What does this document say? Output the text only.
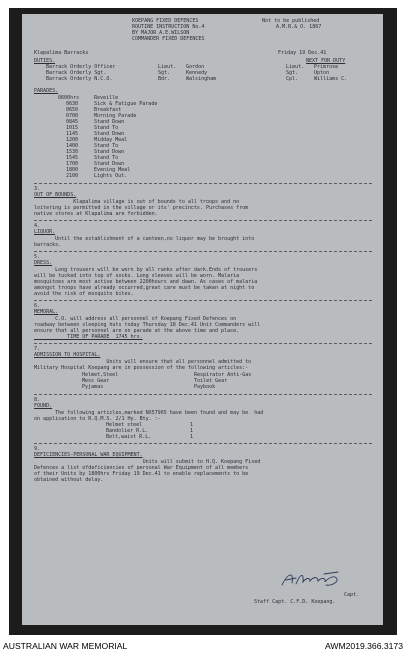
KOEPANG FIXED DEFENCES
ROUTINE INSTRUCTION No.4
BY MAJOR A.E.WILSON
COMMANDER FIXED DEFENCES
Not to be published
A.M.R.& O. 1867
Klapalima Barracks	Friday 19 Dec.41
DUTIES.	NEXT FOR DUTY
Barrack Orderly Officer	Lieut. Gordon	Lieut. Primrose
Barrack Orderly Sgt.	Sgt.	Kennedy	Sgt.	Upton
Barrack Orderly N.C.O.	Bdr.	Walsingham	Cpl.	Williams C.
PARADES.
0600hrs	Reveille
0630	Sick & Fatigue Parade
0650	Breakfast
0700	Morning Parade
0845	Stand Down
1015	Stand To
1145	Stand Down
1200	Midday Meal
1400	Stand To
1530	Stand Down
1545	Stand To
1700	Stand Down
1800	Evening Meal
2100	Lights Out.
3.
OUT OF BOUNDS.
Klapalima village is out of bounds to all troops and no
loitering is permitted in the village or its' precincts. Purchases from
native stores at Klapalima are forbidden.
4.
LIQUOR.
Until the establishment of a canteen,no liquor may be brought into
barracks.
5.
DRESS.
Long trousers will be worn by all ranks after dark.Ends of trousers
will be tucked into top of socks. Long sleeves will be worn. Malaria
mosquitoes are most active between 2200hours and dawn. As cases of malaria
amongst troops have already occurred,great care must be taken at night to
avoid the risk of mosquito bites.
6.
MEMORAL.
C.O. will address all personnel of Koepang Fixed Defences on
roadway between sleeping huts today Thursday 18 Dec.41 Unit Commanders will
ensure that all personnel are on parade at the above time and place.
TIME OF PARADE  1745 hrs.
7.
ADMISSION TO HOSPITAL.
Units will ensure that all personnel admitted to
Military Hospital Koepang are in possession of the following articles:-
Helmet,Steel	Respirator Anti-Gas
Mess Gear	Toilet Gear
Pyjamas	Paybook
8.
FOUND.
The following articles,marked NX57965 have been found and may be  had
on application to R.Q.M.S. 2/1 Hy. Bty. :-
Helmet steel	1
Bandolier R.L.	1
Belt,waist R.L.	1
9.
DEFICIENCIES-PERSONAL WAR EQUIPMENT.
Units will submit to H.Q. Koepang Fixed
Defences a list ofdeficiencies of personal War Equipment of all members
of their Units by 1800hrs Friday 19 Dec.41 to enable replacements to be
obtained without delay.
Capt.
Staff Capt. C.F.D. Koepang.
AUSTRALIAN WAR MEMORIAL	AWM2019.366.3173
